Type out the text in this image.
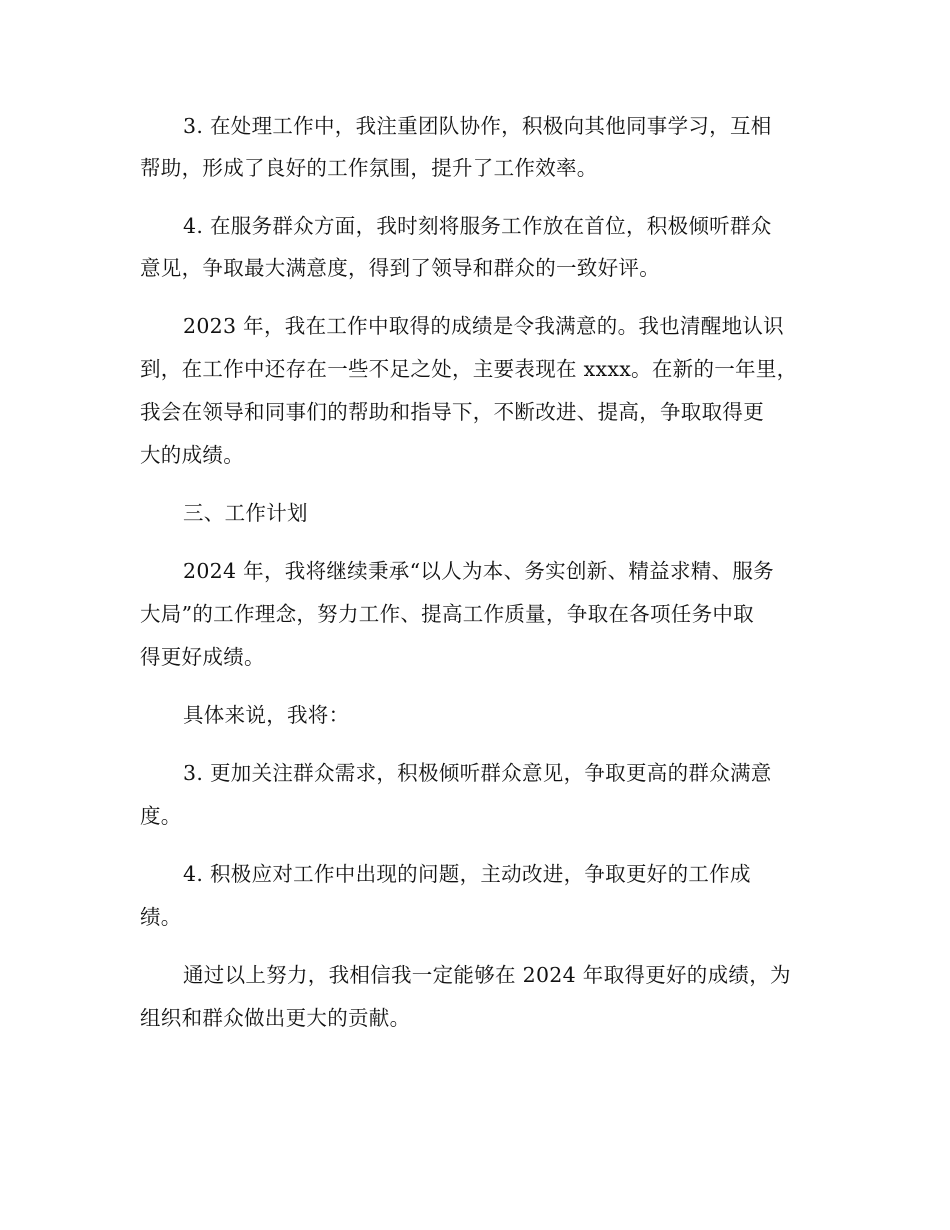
3. 在处理工作中，我注重团队协作，积极向其他同事学习，互相

帮助，形成了良好的工作氛围，提升了工作效率。

4. 在服务群众方面，我时刻将服务工作放在首位，积极倾听群众

意见，争取最大满意度，得到了领导和群众的一致好评。

2023 年，我在工作中取得的成绩是令我满意的。我也清醒地认识

到，在工作中还存在一些不足之处，主要表现在 xxxx。在新的一年里，

我会在领导和同事们的帮助和指导下，不断改进、提高，争取取得更

大的成绩。

三、工作计划

2024 年，我将继续秉承“以人为本、务实创新、精益求精、服务

大局”的工作理念，努力工作、提高工作质量，争取在各项任务中取

得更好成绩。

具体来说，我将：

3. 更加关注群众需求，积极倾听群众意见，争取更高的群众满意

度。

4. 积极应对工作中出现的问题，主动改进，争取更好的工作成

绩。

通过以上努力，我相信我一定能够在 2024 年取得更好的成绩，为

组织和群众做出更大的贡献。
